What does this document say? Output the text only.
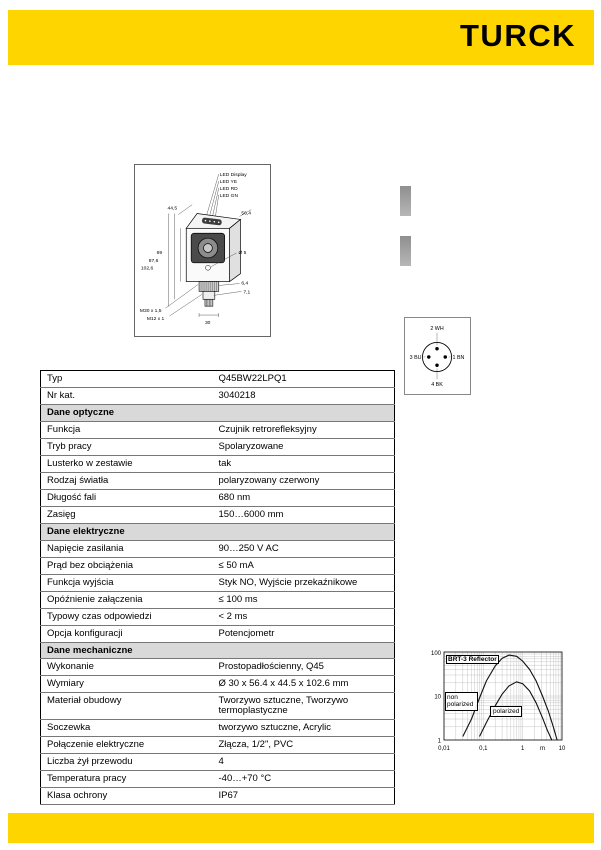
TURCK
LED Display
LED YE
LED RD
LED GN
44,5
56,4
69
87,6
102,6
Ø 5
6,4
7,1
30
M30 x 1,5
M12 x 1
2 WH
3 BU	1 BN
4 BK
Typ	Q45BW22LPQ1
Nr kat.	3040218
Dane optyczne	
Funkcja	Czujnik retrorefleksyjny
Tryb pracy	Spolaryzowane
Lusterko w zestawie	tak
Rodzaj światła	polaryzowany czerwony
Długość fali	680 nm
Zasięg	150…6000 mm
Dane elektryczne	
Napięcie zasilania	90…250 V AC
Prąd bez obciążenia	≤ 50 mA
Funkcja wyjścia	Styk NO, Wyjście przekaźnikowe
Opóźnienie załączenia	≤ 100 ms
Typowy czas odpowiedzi	< 2 ms
Opcja konfiguracji	Potencjometr
Dane mechaniczne	
Wykonanie	Prostopadłościenny, Q45
Wymiary	Ø 30 x 56.4 x 44.5 x 102.6 mm
Materiał obudowy	Tworzywo sztuczne, Tworzywo termoplastyczne
Soczewka	tworzywo sztuczne, Acrylic
Połączenie elektryczne	Złącza, 1/2", PVC
Liczba żył przewodu	4
Temperatura pracy	-40…+70 °C
Klasa ochrony	IP67
100
10
1
0,01	0,1	1	10
m
BRT-3 Reflector
non polarized
polarized
